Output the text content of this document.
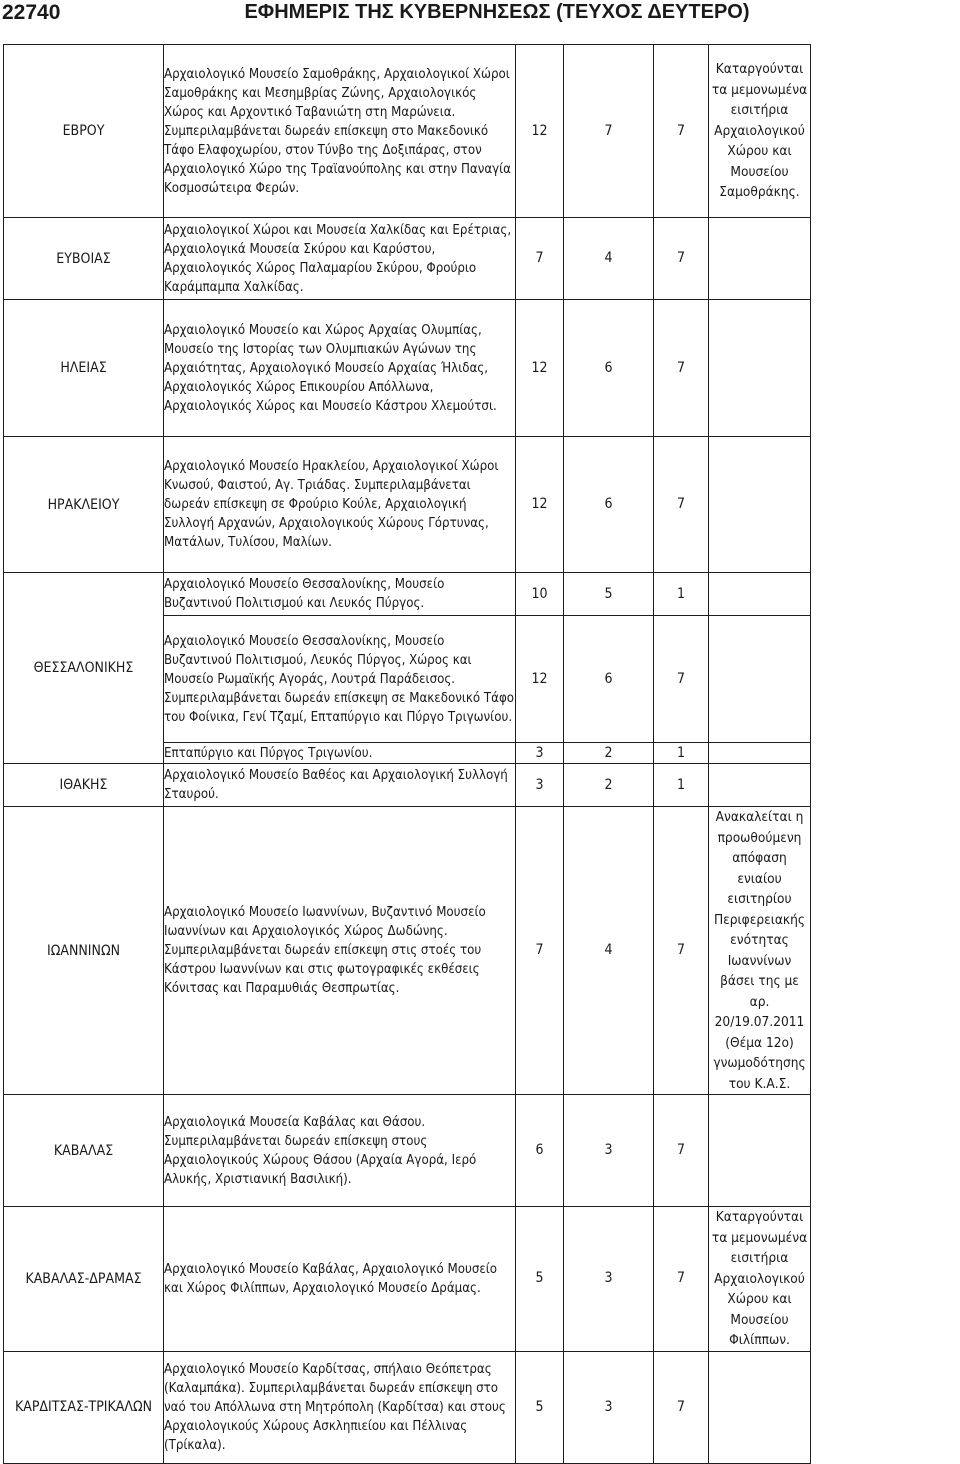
22740	ΕΦΗΜΕΡΙΣ ΤΗΣ ΚΥΒΕΡΝΗΣΕΩΣ (ΤΕΥΧΟΣ ΔΕΥΤΕΡΟ)
ΕΒΡΟΥ	Αρχαιολογικό Μουσείο Σαμοθράκης, Αρχαιολογικοί Χώροι Σαμοθράκης και Μεσημβρίας Ζώνης, Αρχαιολογικός Χώρος και Αρχοντικό Ταβανιώτη στη Μαρώνεια. Συμπεριλαμβάνεται δωρεάν επίσκεψη στο Μακεδονικό Τάφο Ελαφοχωρίου, στον Τύνβο της Δοξιπάρας, στον Αρχαιολογικό Χώρο της Τραϊανούπολης και στην Παναγία Κοσμοσώτειρα Φερών.	12	7	7	Καταργούνται τα μεμονωμένα εισιτήρια Αρχαιολογικού Χώρου και Μουσείου Σαμοθράκης.

ΕΥΒΟΙΑΣ	Αρχαιολογικοί Χώροι και Μουσεία Χαλκίδας και Ερέτριας, Αρχαιολογικά Μουσεία Σκύρου και Καρύστου, Αρχαιολογικός Χώρος Παλαμαρίου Σκύρου, Φρούριο Καράμπαμπα Χαλκίδας.	7	4	7	
ΗΛΕΙΑΣ	Αρχαιολογικό Μουσείο και Χώρος Αρχαίας Ολυμπίας, Μουσείο της Ιστορίας των Ολυμπιακών Αγώνων της Αρχαιότητας, Αρχαιολογικό Μουσείο Αρχαίας Ήλιδας, Αρχαιολογικός Χώρος Επικουρίου Απόλλωνα, Αρχαιολογικός Χώρος και Μουσείο Κάστρου Χλεμούτσι.	12	6	7	
ΗΡΑΚΛΕΙΟΥ	Αρχαιολογικό Μουσείο Ηρακλείου, Αρχαιολογικοί Χώροι Κνωσού, Φαιστού, Αγ. Τριάδας. Συμπεριλαμβάνεται δωρεάν επίσκεψη σε Φρούριο Κούλε, Αρχαιολογική Συλλογή Αρχανών, Αρχαιολογικούς Χώρους Γόρτυνας, Ματάλων, Τυλίσου, Μαλίων.	12	6	7	
ΘΕΣΣΑΛΟΝΙΚΗΣ	Αρχαιολογικό Μουσείο Θεσσαλονίκης, Μουσείο Βυζαντινού Πολιτισμού και Λευκός Πύργος.	10	5	1	
	Αρχαιολογικό Μουσείο Θεσσαλονίκης, Μουσείο Βυζαντινού Πολιτισμού, Λευκός Πύργος, Χώρος και Μουσείο Ρωμαϊκής Αγοράς, Λουτρά Παράδεισος. Συμπεριλαμβάνεται δωρεάν επίσκεψη σε Μακεδονικό Τάφο του Φοίνικα, Γενί Τζαμί, Επταπύργιο και Πύργο Τριγωνίου.	12	6	7	
	Επταπύργιο και Πύργος Τριγωνίου.	3	2	1	
ΙΘΑΚΗΣ	Αρχαιολογικό Μουσείο Βαθέος και Αρχαιολογική Συλλογή Σταυρού.	3	2	1	
ΙΩΑΝΝΙΝΩΝ	Αρχαιολογικό Μουσείο Ιωαννίνων, Βυζαντινό Μουσείο Ιωαννίνων και Αρχαιολογικός Χώρος Δωδώνης. Συμπεριλαμβάνεται δωρεάν επίσκεψη στις στοές του Κάστρου Ιωαννίνων και στις φωτογραφικές εκθέσεις Κόνιτσας και Παραμυθιάς Θεσπρωτίας.	7	4	7	Ανακαλείται η προωθούμενη απόφαση ενιαίου εισιτηρίου Περιφερειακής ενότητας Ιωαννίνων βάσει της με αρ. 20/19.07.2011 (Θέμα 12ο) γνωμοδότησης του Κ.Α.Σ.

ΚΑΒΑΛΑΣ	Αρχαιολογικά Μουσεία Καβάλας και Θάσου. Συμπεριλαμβάνεται δωρεάν επίσκεψη στους Αρχαιολογικούς Χώρους Θάσου (Αρχαία Αγορά, Ιερό Αλυκής, Χριστιανική Βασιλική).	6	3	7	
ΚΑΒΑΛΑΣ-ΔΡΑΜΑΣ	Αρχαιολογικό Μουσείο Καβάλας, Αρχαιολογικό Μουσείο και Χώρος Φιλίππων, Αρχαιολογικό Μουσείο Δράμας.	5	3	7	Καταργούνται τα μεμονωμένα εισιτήρια Αρχαιολογικού Χώρου και Μουσείου Φιλίππων.

ΚΑΡΔΙΤΣΑΣ-ΤΡΙΚΑΛΩΝ	Αρχαιολογικό Μουσείο Καρδίτσας, σπήλαιο Θεόπετρας (Καλαμπάκα). Συμπεριλαμβάνεται δωρεάν επίσκεψη στο ναό του Απόλλωνα στη Μητρόπολη (Καρδίτσα) και στους Αρχαιολογικούς Χώρους Ασκληπιείου και Πέλλινας (Τρίκαλα).	5	3	7	
